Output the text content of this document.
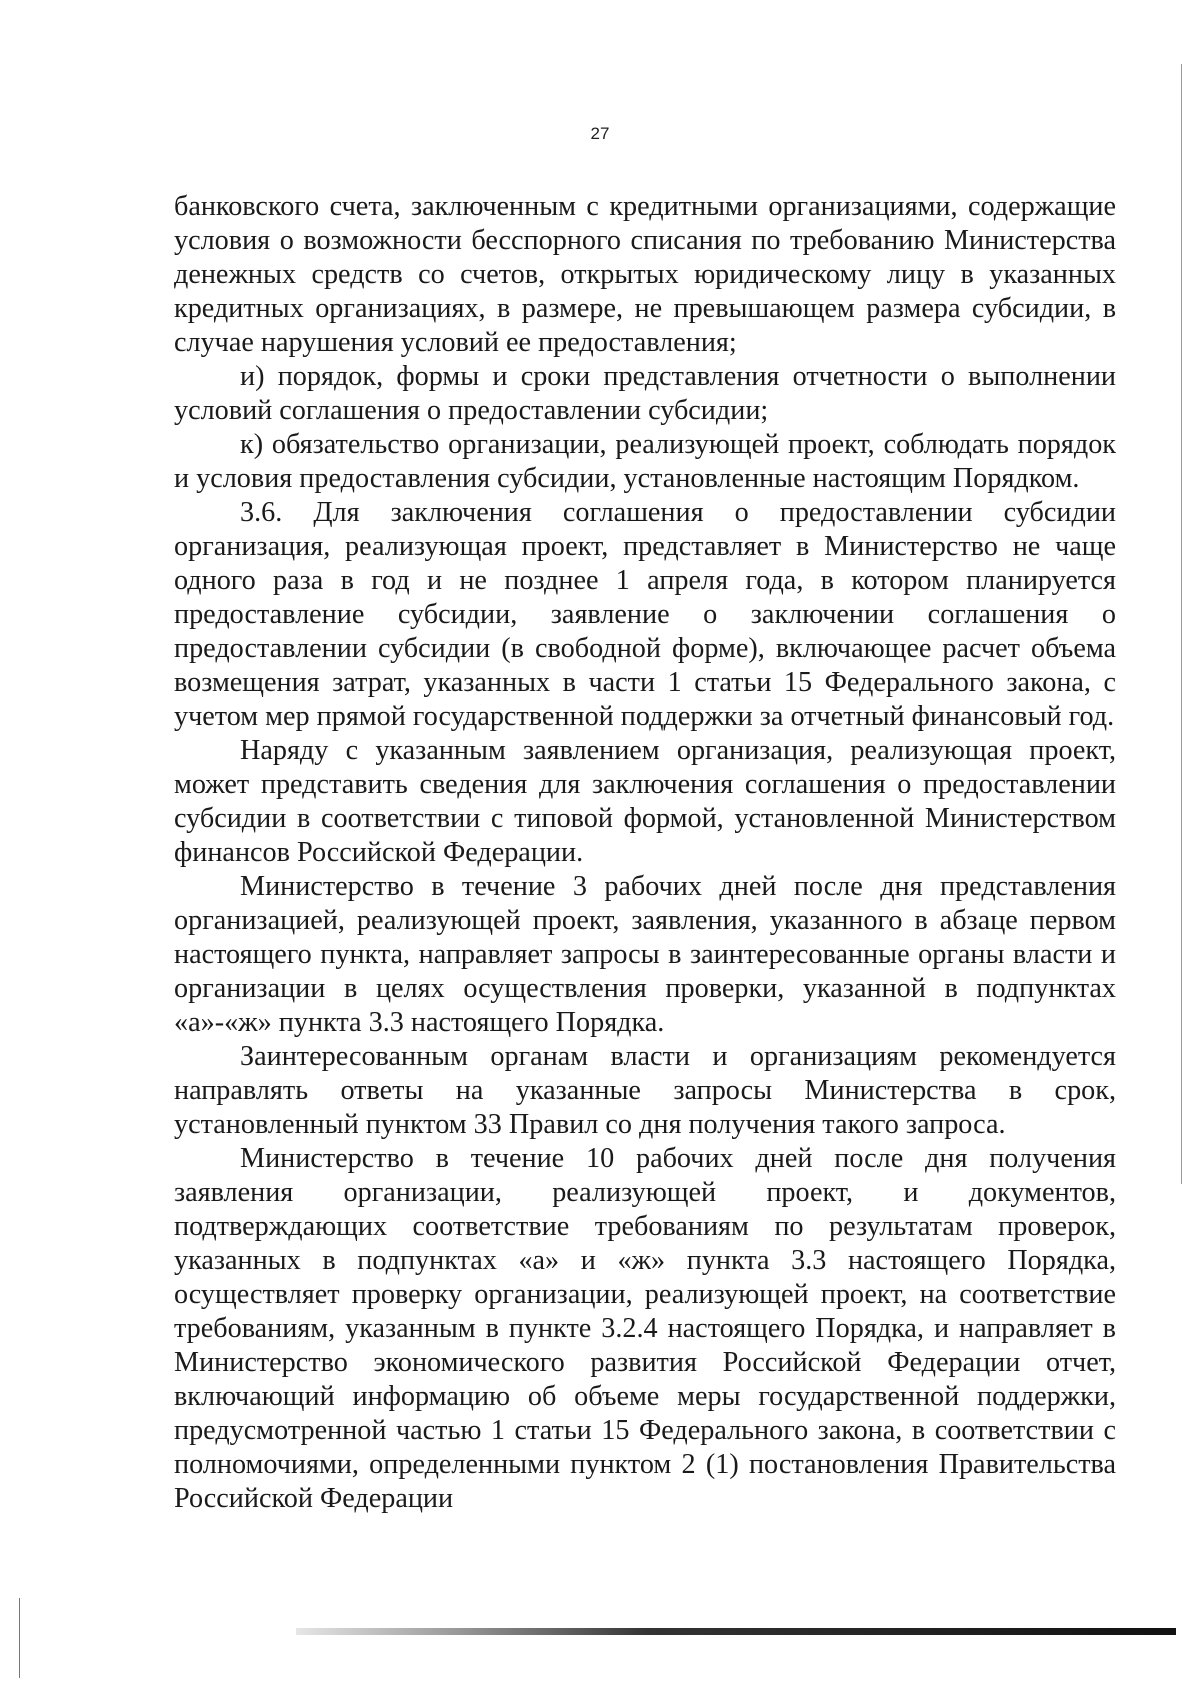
27

банковского счета, заключенным с кредитными организациями, содержащие условия о возможности бесспорного списания по требованию Министерства денежных средств со счетов, открытых юридическому лицу в указанных кредитных организациях, в размере, не превышающем размера субсидии, в случае нарушения условий ее предоставления;

и) порядок, формы и сроки представления отчетности о выполнении условий соглашения о предоставлении субсидии;

к) обязательство организации, реализующей проект, соблюдать порядок и условия предоставления субсидии, установленные настоящим Порядком.

3.6. Для заключения соглашения о предоставлении субсидии организация, реализующая проект, представляет в Министерство не чаще одного раза в год и не позднее 1 апреля года, в котором планируется предоставление субсидии, заявление о заключении соглашения о предоставлении субсидии (в свободной форме), включающее расчет объема возмещения затрат, указанных в части 1 статьи 15 Федерального закона, с учетом мер прямой государственной поддержки за отчетный финансовый год.

Наряду с указанным заявлением организация, реализующая проект, может представить сведения для заключения соглашения о предоставлении субсидии в соответствии с типовой формой, установленной Министерством финансов Российской Федерации.

Министерство в течение 3 рабочих дней после дня представления организацией, реализующей проект, заявления, указанного в абзаце первом настоящего пункта, направляет запросы в заинтересованные органы власти и организации в целях осуществления проверки, указанной в подпунктах «а»-«ж» пункта 3.3 настоящего Порядка.

Заинтересованным органам власти и организациям рекомендуется направлять ответы на указанные запросы Министерства в срок, установленный пунктом 33 Правил со дня получения такого запроса.

Министерство в течение 10 рабочих дней после дня получения заявления организации, реализующей проект, и документов, подтверждающих соответствие требованиям по результатам проверок, указанных в подпунктах «а» и «ж» пункта 3.3 настоящего Порядка, осуществляет проверку организации, реализующей проект, на соответствие требованиям, указанным в пункте 3.2.4 настоящего Порядка, и направляет в Министерство экономического развития Российской Федерации отчет, включающий информацию об объеме меры государственной поддержки, предусмотренной частью 1 статьи 15 Федерального закона, в соответствии с полномочиями, определенными пунктом 2 (1) постановления Правительства Российской Федерации
